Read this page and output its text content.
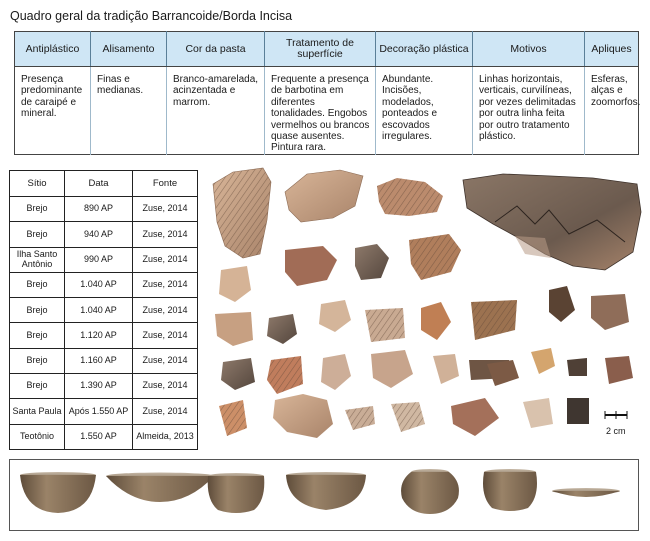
Quadro geral da tradição Barrancoide/Borda Incisa
Antiplástico	Alisamento	Cor da pasta	Tratamento de superfície	Decoração plástica	Motivos	Apliques
Presença predominante de caraipé e mineral.	Finas e medianas.	Branco-amarelada, acinzentada e marrom.	Frequente a presença de barbotina em diferentes tonalidades. Engobos vermelhos ou brancos quase ausentes. Pintura rara.	Abundante. Incisões, modelados, ponteados e escovados irregulares.	Linhas horizontais, verticais, curvilíneas, por vezes delimitadas por outra linha feita por outro tratamento plástico.	Esferas, alças e zoomorfos.
Sítio	Data	Fonte
Brejo	890 AP	Zuse, 2014
Brejo	940 AP	Zuse, 2014
Ilha Santo Antônio	990 AP	Zuse, 2014
Brejo	1.040 AP	Zuse, 2014
Brejo	1.040 AP	Zuse, 2014
Brejo	1.120 AP	Zuse, 2014
Brejo	1.160 AP	Zuse, 2014
Brejo	1.390 AP	Zuse, 2014
Santa Paula	Após 1.550 AP	Zuse, 2014
Teotônio	1.550 AP	Almeida, 2013
2 cm
